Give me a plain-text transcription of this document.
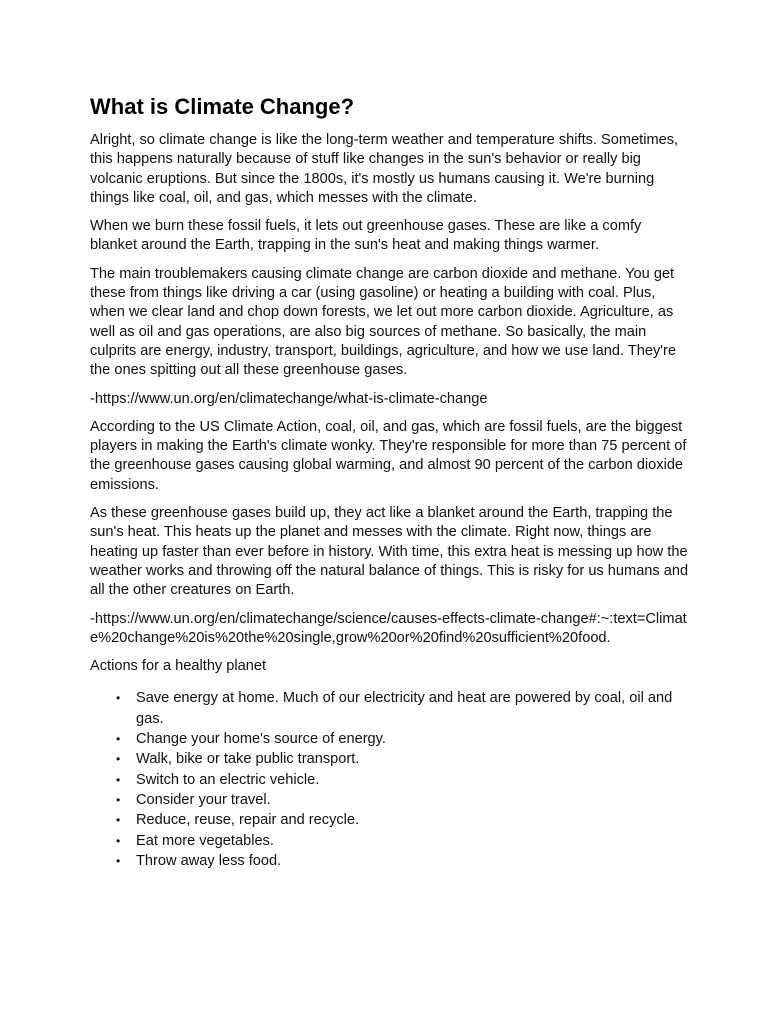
What is Climate Change?

Alright, so climate change is like the long-term weather and temperature shifts. Sometimes, this happens naturally because of stuff like changes in the sun's behavior or really big volcanic eruptions. But since the 1800s, it's mostly us humans causing it. We're burning things like coal, oil, and gas, which messes with the climate.

When we burn these fossil fuels, it lets out greenhouse gases. These are like a comfy blanket around the Earth, trapping in the sun's heat and making things warmer.

The main troublemakers causing climate change are carbon dioxide and methane. You get these from things like driving a car (using gasoline) or heating a building with coal. Plus, when we clear land and chop down forests, we let out more carbon dioxide. Agriculture, as well as oil and gas operations, are also big sources of methane. So basically, the main culprits are energy, industry, transport, buildings, agriculture, and how we use land. They're the ones spitting out all these greenhouse gases.

-https://www.un.org/en/climatechange/what-is-climate-change

According to the US Climate Action, coal, oil, and gas, which are fossil fuels, are the biggest players in making the Earth's climate wonky. They're responsible for more than 75 percent of the greenhouse gases causing global warming, and almost 90 percent of the carbon dioxide emissions.

As these greenhouse gases build up, they act like a blanket around the Earth, trapping the sun's heat. This heats up the planet and messes with the climate. Right now, things are heating up faster than ever before in history. With time, this extra heat is messing up how the weather works and throwing off the natural balance of things. This is risky for us humans and all the other creatures on Earth.

-https://www.un.org/en/climatechange/science/causes-effects-climate-change#:~:text=Climate%20change%20is%20the%20single,grow%20or%20find%20sufficient%20food.

Actions for a healthy planet

• Save energy at home. Much of our electricity and heat are powered by coal, oil and gas.
• Change your home's source of energy.
• Walk, bike or take public transport.
• Switch to an electric vehicle.
• Consider your travel.
• Reduce, reuse, repair and recycle.
• Eat more vegetables.
• Throw away less food.
